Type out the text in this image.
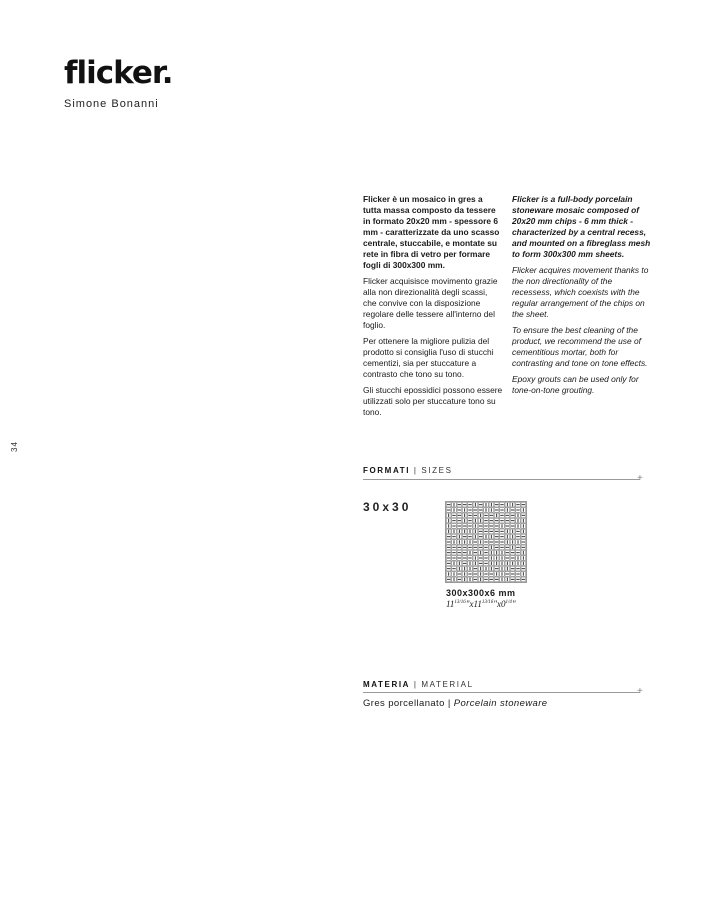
flicker.
Simone Bonanni
34

Flicker è un mosaico in gres a tutta massa composto da tessere in formato 20x20 mm - spessore 6 mm - caratterizzate da uno scasso centrale, stuccabile, e montate su rete in fibra di vetro per formare fogli di 300x300 mm.

Flicker acquisisce movimento grazie alla non direzionalità degli scassi, che convive con la disposizione regolare delle tessere all'interno del foglio.

Per ottenere la migliore pulizia del prodotto si consiglia l'uso di stucchi cementizi, sia per stuccature a contrasto che tono su tono.

Gli stucchi epossidici possono essere utilizzati solo per stuccature tono su tono.

Flicker is a full-body porcelain stoneware mosaic composed of 20x20 mm chips - 6 mm thick - characterized by a central recess, and mounted on a fibreglass mesh to form 300x300 mm sheets.

Flicker acquires movement thanks to the non directionality of the recessess, which coexists with the regular arrangement of the chips on the sheet.

To ensure the best cleaning of the product, we recommend the use of cementitious mortar, both for contrasting and tone on tone effects.

Epoxy grouts can be used only for tone-on-tone grouting.

FORMATI | SIZES
+
30x30
300x300x6 mm
$11^{13/16}"x11^{13/16}"x0^{1/4}$"
MATERIA | MATERIAL
+
Gres porcellanato | Porcelain stoneware
